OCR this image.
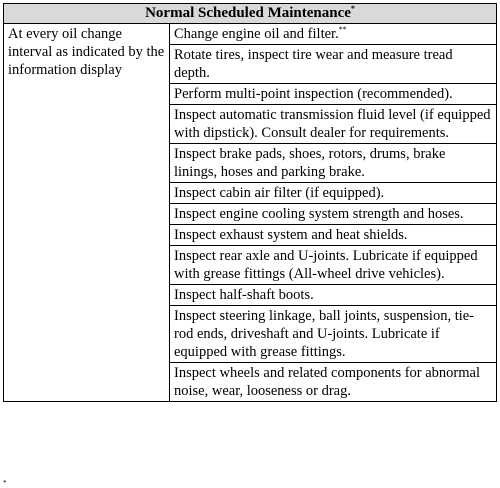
Normal Scheduled Maintenance*
At every oil change interval as indicated by the information display	Change engine oil and filter.**
Rotate tires, inspect tire wear and measure tread depth.
Perform multi-point inspection (recommended).
Inspect automatic transmission fluid level (if equipped with dipstick). Consult dealer for requirements.
Inspect brake pads, shoes, rotors, drums, brake linings, hoses and parking brake.
Inspect cabin air filter (if equipped).
Inspect engine cooling system strength and hoses.
Inspect exhaust system and heat shields.
Inspect rear axle and U-joints. Lubricate if equipped with grease fittings (All-wheel drive vehicles).
Inspect half-shaft boots.
Inspect steering linkage, ball joints, suspension, tie-rod ends, driveshaft and U-joints. Lubricate if equipped with grease fittings.
Inspect wheels and related components for abnormal noise, wear, looseness or drag.
*
